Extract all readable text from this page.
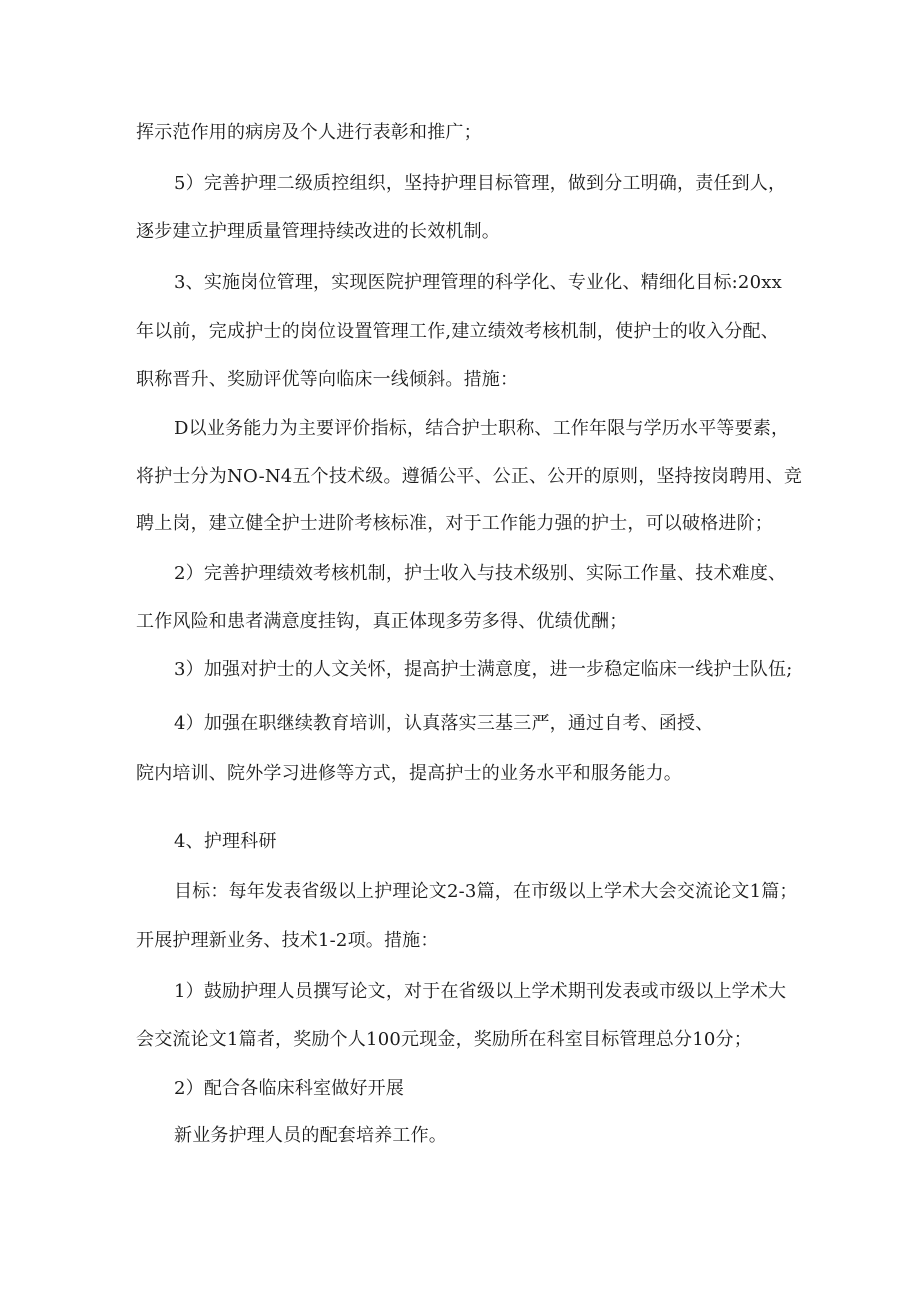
挥示范作用的病房及个人进行表彰和推广；
5）完善护理二级质控组织，坚持护理目标管理，做到分工明确，责任到人，
逐步建立护理质量管理持续改进的长效机制。
3、实施岗位管理，实现医院护理管理的科学化、专业化、精细化目标:20xx
年以前，完成护士的岗位设置管理工作,建立绩效考核机制，使护士的收入分配、
职称晋升、奖励评优等向临床一线倾斜。措施：
D以业务能力为主要评价指标，结合护士职称、工作年限与学历水平等要素，
将护士分为NO-N4五个技术级。遵循公平、公正、公开的原则，坚持按岗聘用、竞
聘上岗，建立健全护士进阶考核标准，对于工作能力强的护士，可以破格进阶；
2）完善护理绩效考核机制，护士收入与技术级别、实际工作量、技术难度、
工作风险和患者满意度挂钩，真正体现多劳多得、优绩优酬；
3）加强对护士的人文关怀，提高护士满意度，进一步稳定临床一线护士队伍;
4）加强在职继续教育培训，认真落实三基三严，通过自考、函授、
院内培训、院外学习进修等方式，提高护士的业务水平和服务能力。
4、护理科研
目标：每年发表省级以上护理论文2-3篇，在市级以上学术大会交流论文1篇；
开展护理新业务、技术1-2项。措施：
1）鼓励护理人员撰写论文，对于在省级以上学术期刊发表或市级以上学术大
会交流论文1篇者，奖励个人100元现金，奖励所在科室目标管理总分10分；
2）配合各临床科室做好开展
新业务护理人员的配套培养工作。
